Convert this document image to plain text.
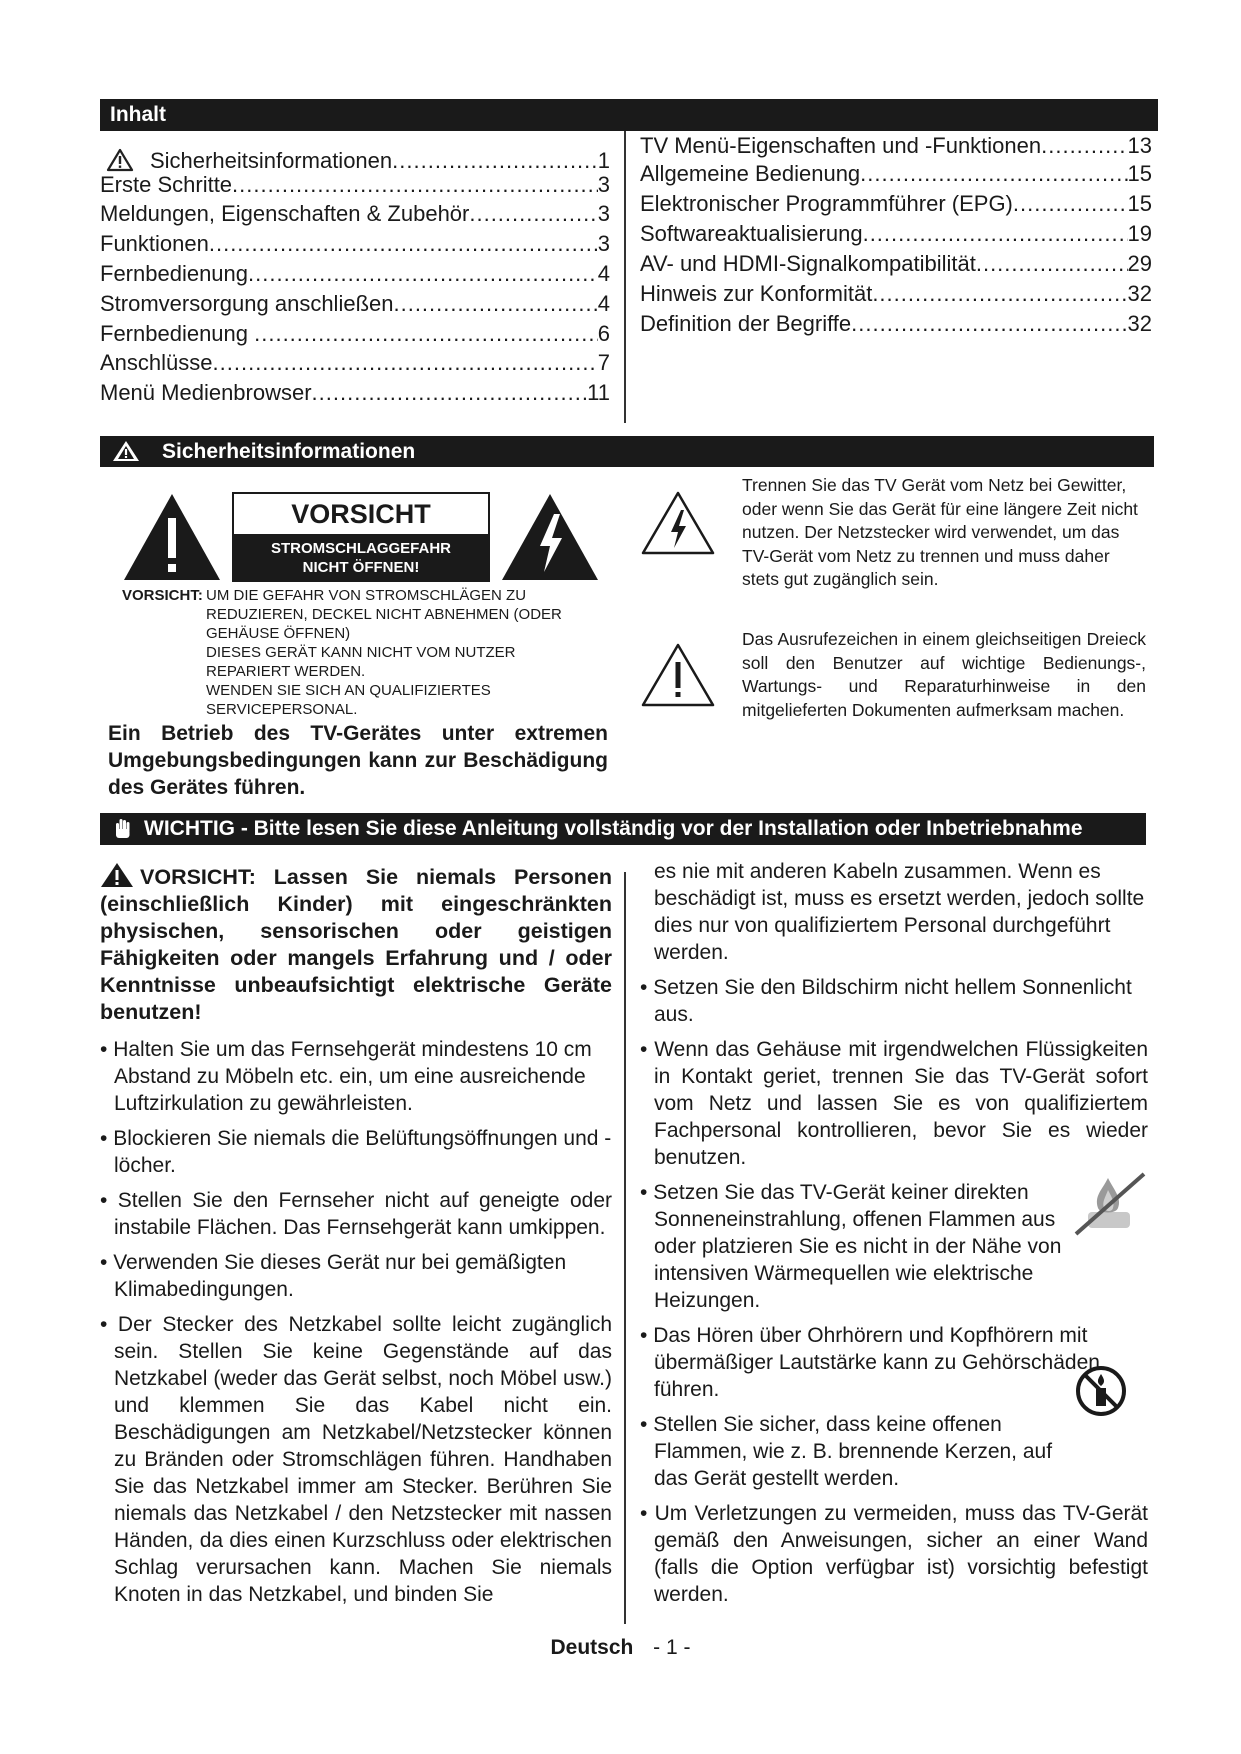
Inhalt
Sicherheitsinformationen .....	1
Erste Schritte .....	3
Meldungen, Eigenschaften & Zubehör .....	3
Funktionen .....	3
Fernbedienung .....	4
Stromversorgung anschließen .....	4
Fernbedienung .....	6
Anschlüsse .....	7
Menü Medienbrowser .....	11
TV Menü-Eigenschaften und -Funktionen .....	13
Allgemeine Bedienung .....	15
Elektronischer Programmführer (EPG) .....	15
Softwareaktualisierung .....	19
AV- und HDMI-Signalkompatibilität .....	29
Hinweis zur Konformität .....	32
Definition der Begriffe .....	32
Sicherheitsinformationen
VORSICHT
STROMSCHLAGGEFAHR
NICHT ÖFFNEN!
VORSICHT: UM DIE GEFAHR VON STROMSCHLÄGEN ZU
REDUZIEREN, DECKEL NICHT ABNEHMEN (ODER
GEHÄUSE ÖFFNEN)
DIESES GERÄT KANN NICHT VOM NUTZER
REPARIERT WERDEN.
WENDEN SIE SICH AN QUALIFIZIERTES
SERVICEPERSONAL.
Ein Betrieb des TV-Gerätes unter extremen Umgebungsbedingungen kann zur Beschädigung des Gerätes führen.
Trennen Sie das TV Gerät vom Netz bei Gewitter, oder wenn Sie das Gerät für eine längere Zeit nicht nutzen. Der Netzstecker wird verwendet, um das TV-Gerät vom Netz zu trennen und muss daher stets gut zugänglich sein.
Das Ausrufezeichen in einem gleichseitigen Dreieck soll den Benutzer auf wichtige Bedienungs-, Wartungs- und Reparaturhinweise in den mitgelieferten Dokumenten aufmerksam machen.
WICHTIG - Bitte lesen Sie diese Anleitung vollständig vor der Installation oder Inbetriebnahme

VORSICHT: Lassen Sie niemals Personen (einschließlich Kinder) mit eingeschränkten physischen, sensorischen oder geistigen Fähigkeiten oder mangels Erfahrung und / oder Kenntnisse unbeaufsichtigt elektrische Geräte benutzen!

• Halten Sie um das Fernsehgerät mindestens 10 cm Abstand zu Möbeln etc. ein, um eine ausreichende Luftzirkulation zu gewährleisten.

• Blockieren Sie niemals die Belüftungsöffnungen und -löcher.

• Stellen Sie den Fernseher nicht auf geneigte oder instabile Flächen. Das Fernsehgerät kann umkippen.

• Verwenden Sie dieses Gerät nur bei gemäßigten Klimabedingungen.

• Der Stecker des Netzkabel sollte leicht zugänglich sein. Stellen Sie keine Gegenstände auf das Netzkabel (weder das Gerät selbst, noch Möbel usw.) und klemmen Sie das Kabel nicht ein. Beschädigungen am Netzkabel/Netzstecker können zu Bränden oder Stromschlägen führen. Handhaben Sie das Netzkabel immer am Stecker. Berühren Sie niemals das Netzkabel / den Netzstecker mit nassen Händen, da dies einen Kurzschluss oder elektrischen Schlag verursachen kann. Machen Sie niemals Knoten in das Netzkabel, und binden Sie

es nie mit anderen Kabeln zusammen. Wenn es beschädigt ist, muss es ersetzt werden, jedoch sollte dies nur von qualifiziertem Personal durchgeführt werden.

• Setzen Sie den Bildschirm nicht hellem Sonnenlicht aus.

• Wenn das Gehäuse mit irgendwelchen Flüssigkeiten in Kontakt geriet, trennen Sie das TV-Gerät sofort vom Netz und lassen Sie es von qualifiziertem Fachpersonal kontrollieren, bevor Sie es wieder benutzen.

• Setzen Sie das TV-Gerät keiner direkten Sonneneinstrahlung, offenen Flammen aus oder platzieren Sie es nicht in der Nähe von intensiven Wärmequellen wie elektrische Heizungen.

• Das Hören über Ohrhörern und Kopfhörern mit übermäßiger Lautstärke kann zu Gehörschäden führen.

• Stellen Sie sicher, dass keine offenen Flammen, wie z. B. brennende Kerzen, auf das Gerät gestellt werden.

• Um Verletzungen zu vermeiden, muss das TV-Gerät gemäß den Anweisungen, sicher an einer Wand (falls die Option verfügbar ist) vorsichtig befestigt werden.

Deutsch - 1 -
